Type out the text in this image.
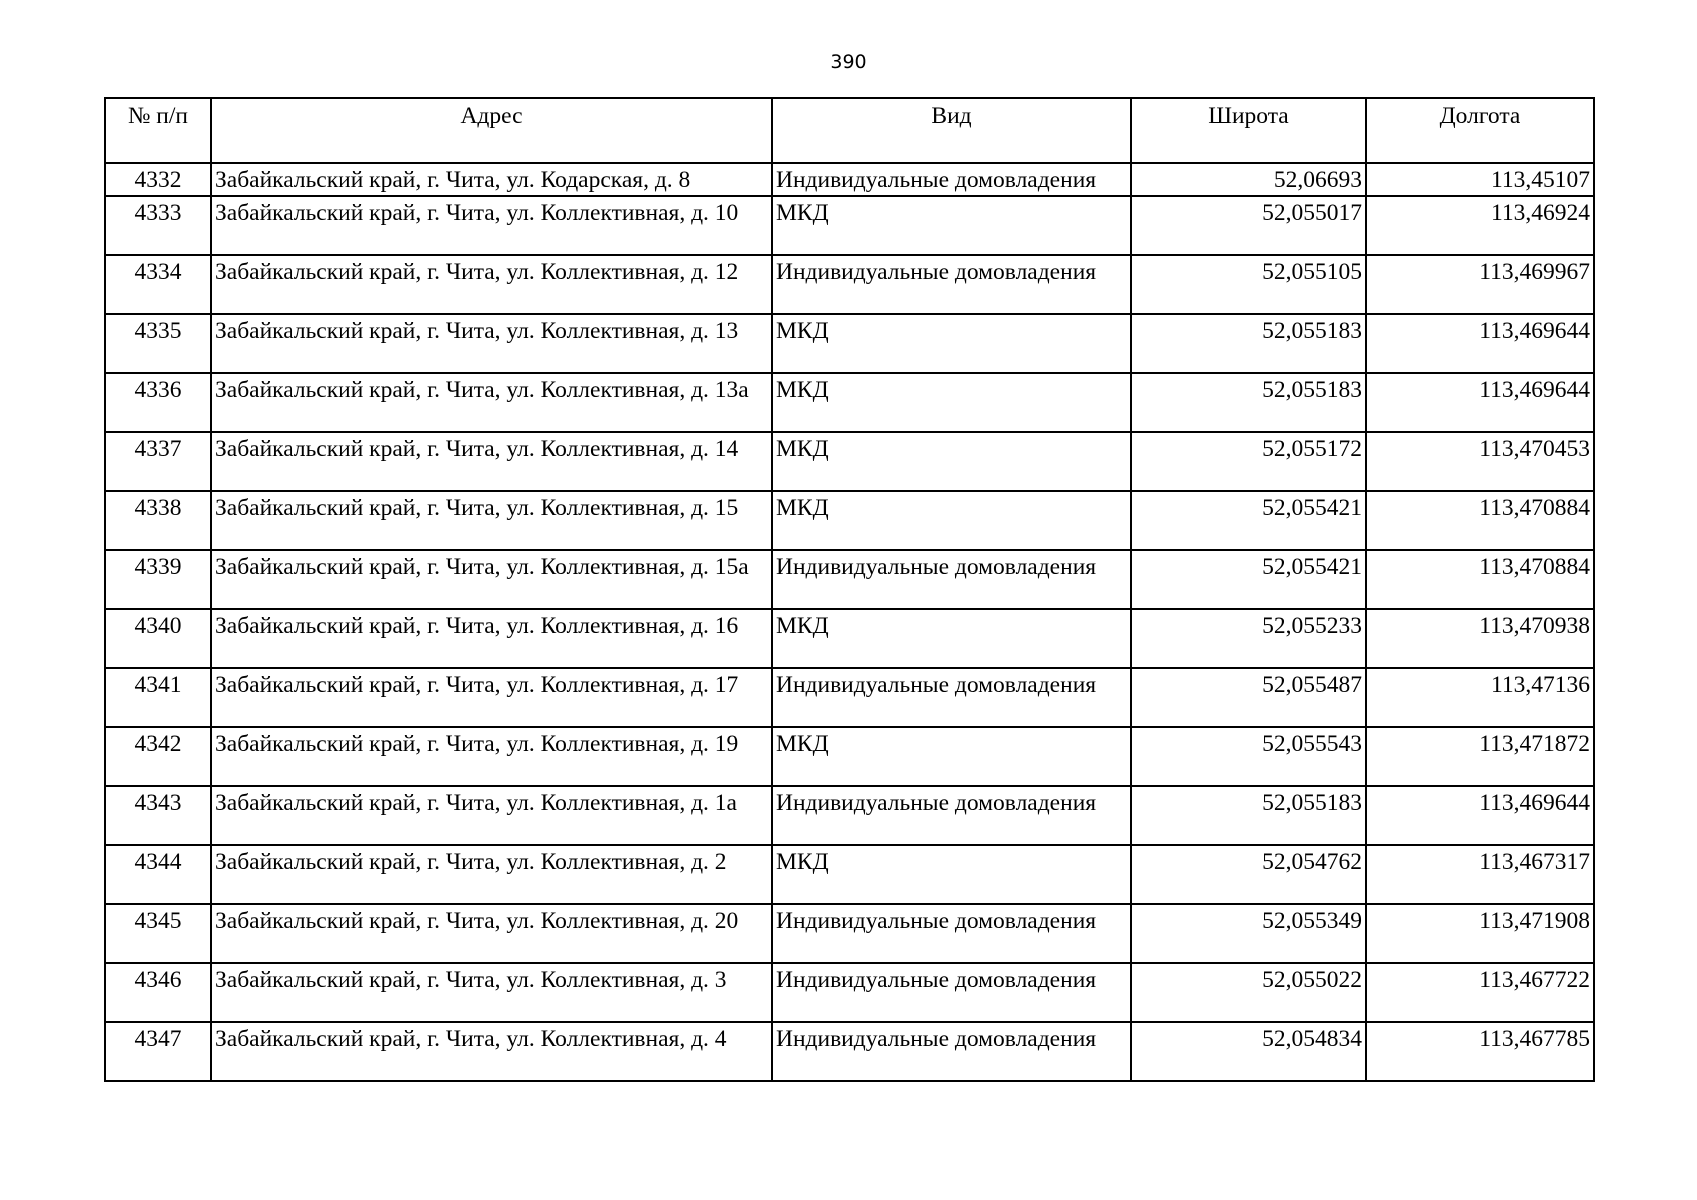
390
№ п/п	Адрес	Вид	Широта	Долгота
4332	Забайкальский край, г. Чита, ул. Кодарская, д. 8	Индивидуальные домовладения	52,06693	113,45107
4333	Забайкальский край, г. Чита, ул. Коллективная, д. 10	МКД	52,055017	113,46924
4334	Забайкальский край, г. Чита, ул. Коллективная, д. 12	Индивидуальные домовладения	52,055105	113,469967
4335	Забайкальский край, г. Чита, ул. Коллективная, д. 13	МКД	52,055183	113,469644
4336	Забайкальский край, г. Чита, ул. Коллективная, д. 13а	МКД	52,055183	113,469644
4337	Забайкальский край, г. Чита, ул. Коллективная, д. 14	МКД	52,055172	113,470453
4338	Забайкальский край, г. Чита, ул. Коллективная, д. 15	МКД	52,055421	113,470884
4339	Забайкальский край, г. Чита, ул. Коллективная, д. 15а	Индивидуальные домовладения	52,055421	113,470884
4340	Забайкальский край, г. Чита, ул. Коллективная, д. 16	МКД	52,055233	113,470938
4341	Забайкальский край, г. Чита, ул. Коллективная, д. 17	Индивидуальные домовладения	52,055487	113,47136
4342	Забайкальский край, г. Чита, ул. Коллективная, д. 19	МКД	52,055543	113,471872
4343	Забайкальский край, г. Чита, ул. Коллективная, д. 1а	Индивидуальные домовладения	52,055183	113,469644
4344	Забайкальский край, г. Чита, ул. Коллективная, д. 2	МКД	52,054762	113,467317
4345	Забайкальский край, г. Чита, ул. Коллективная, д. 20	Индивидуальные домовладения	52,055349	113,471908
4346	Забайкальский край, г. Чита, ул. Коллективная, д. 3	Индивидуальные домовладения	52,055022	113,467722
4347	Забайкальский край, г. Чита, ул. Коллективная, д. 4	Индивидуальные домовладения	52,054834	113,467785
